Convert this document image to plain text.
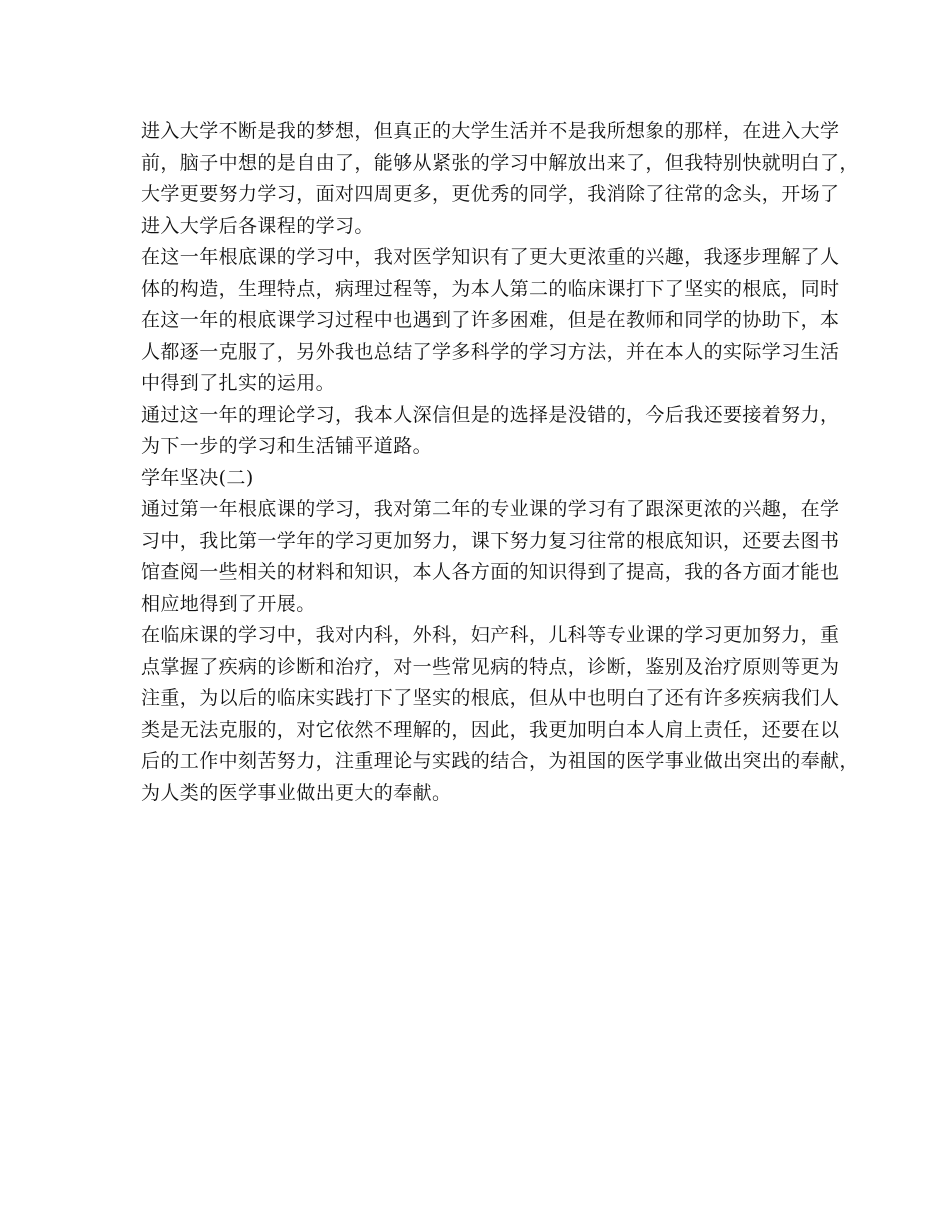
进入大学不断是我的梦想，但真正的大学生活并不是我所想象的那样，在进入大学
前，脑子中想的是自由了，能够从紧张的学习中解放出来了，但我特别快就明白了，
大学更要努力学习，面对四周更多，更优秀的同学，我消除了往常的念头，开场了
进入大学后各课程的学习。
在这一年根底课的学习中，我对医学知识有了更大更浓重的兴趣，我逐步理解了人
体的构造，生理特点，病理过程等，为本人第二的临床课打下了坚实的根底，同时
在这一年的根底课学习过程中也遇到了许多困难，但是在教师和同学的协助下，本
人都逐一克服了，另外我也总结了学多科学的学习方法，并在本人的实际学习生活
中得到了扎实的运用。
通过这一年的理论学习，我本人深信但是的选择是没错的，今后我还要接着努力，
为下一步的学习和生活铺平道路。
学年坚决(二)
通过第一年根底课的学习，我对第二年的专业课的学习有了跟深更浓的兴趣，在学
习中，我比第一学年的学习更加努力，课下努力复习往常的根底知识，还要去图书
馆查阅一些相关的材料和知识，本人各方面的知识得到了提高，我的各方面才能也
相应地得到了开展。
在临床课的学习中，我对内科，外科，妇产科，儿科等专业课的学习更加努力，重
点掌握了疾病的诊断和治疗，对一些常见病的特点，诊断，鉴别及治疗原则等更为
注重，为以后的临床实践打下了坚实的根底，但从中也明白了还有许多疾病我们人
类是无法克服的，对它依然不理解的，因此，我更加明白本人肩上责任，还要在以
后的工作中刻苦努力，注重理论与实践的结合，为祖国的医学事业做出突出的奉献，
为人类的医学事业做出更大的奉献。
